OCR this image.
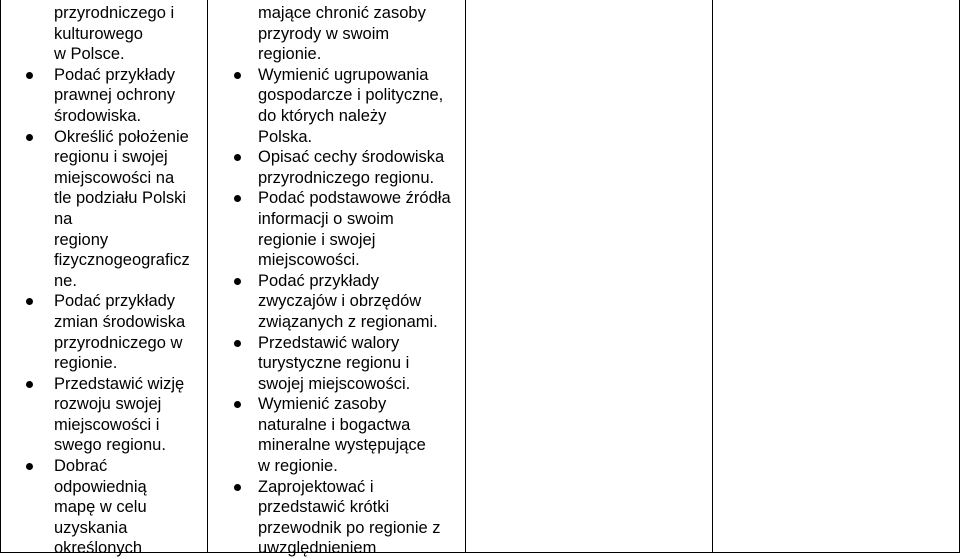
przyrodniczego i
kulturowego
w Polsce.

Podać przykłady
prawnej ochrony
środowiska.
Określić położenie
regionu i swojej
miejscowości na
tle podziału Polski
na
regiony
fizycznogeograficz
ne.
Podać przykłady
zmian środowiska
przyrodniczego w
regionie.
Przedstawić wizję
rozwoju swojej
miejscowości i
swego regionu.
Dobrać
odpowiednią
mapę w celu
uzyskania
określonych

mające chronić zasoby
przyrody w swoim
regionie.

Wymienić ugrupowania
gospodarcze i polityczne,
do których należy
Polska.
Opisać cechy środowiska
przyrodniczego regionu.
Podać podstawowe źródła
informacji o swoim
regionie i swojej
miejscowości.
Podać przykłady
zwyczajów i obrzędów
związanych z regionami.
Przedstawić walory
turystyczne regionu i
swojej miejscowości.
Wymienić zasoby
naturalne i bogactwa
mineralne występujące
w regionie.
Zaprojektować i
przedstawić krótki
przewodnik po regionie z
uwzględnieniem
